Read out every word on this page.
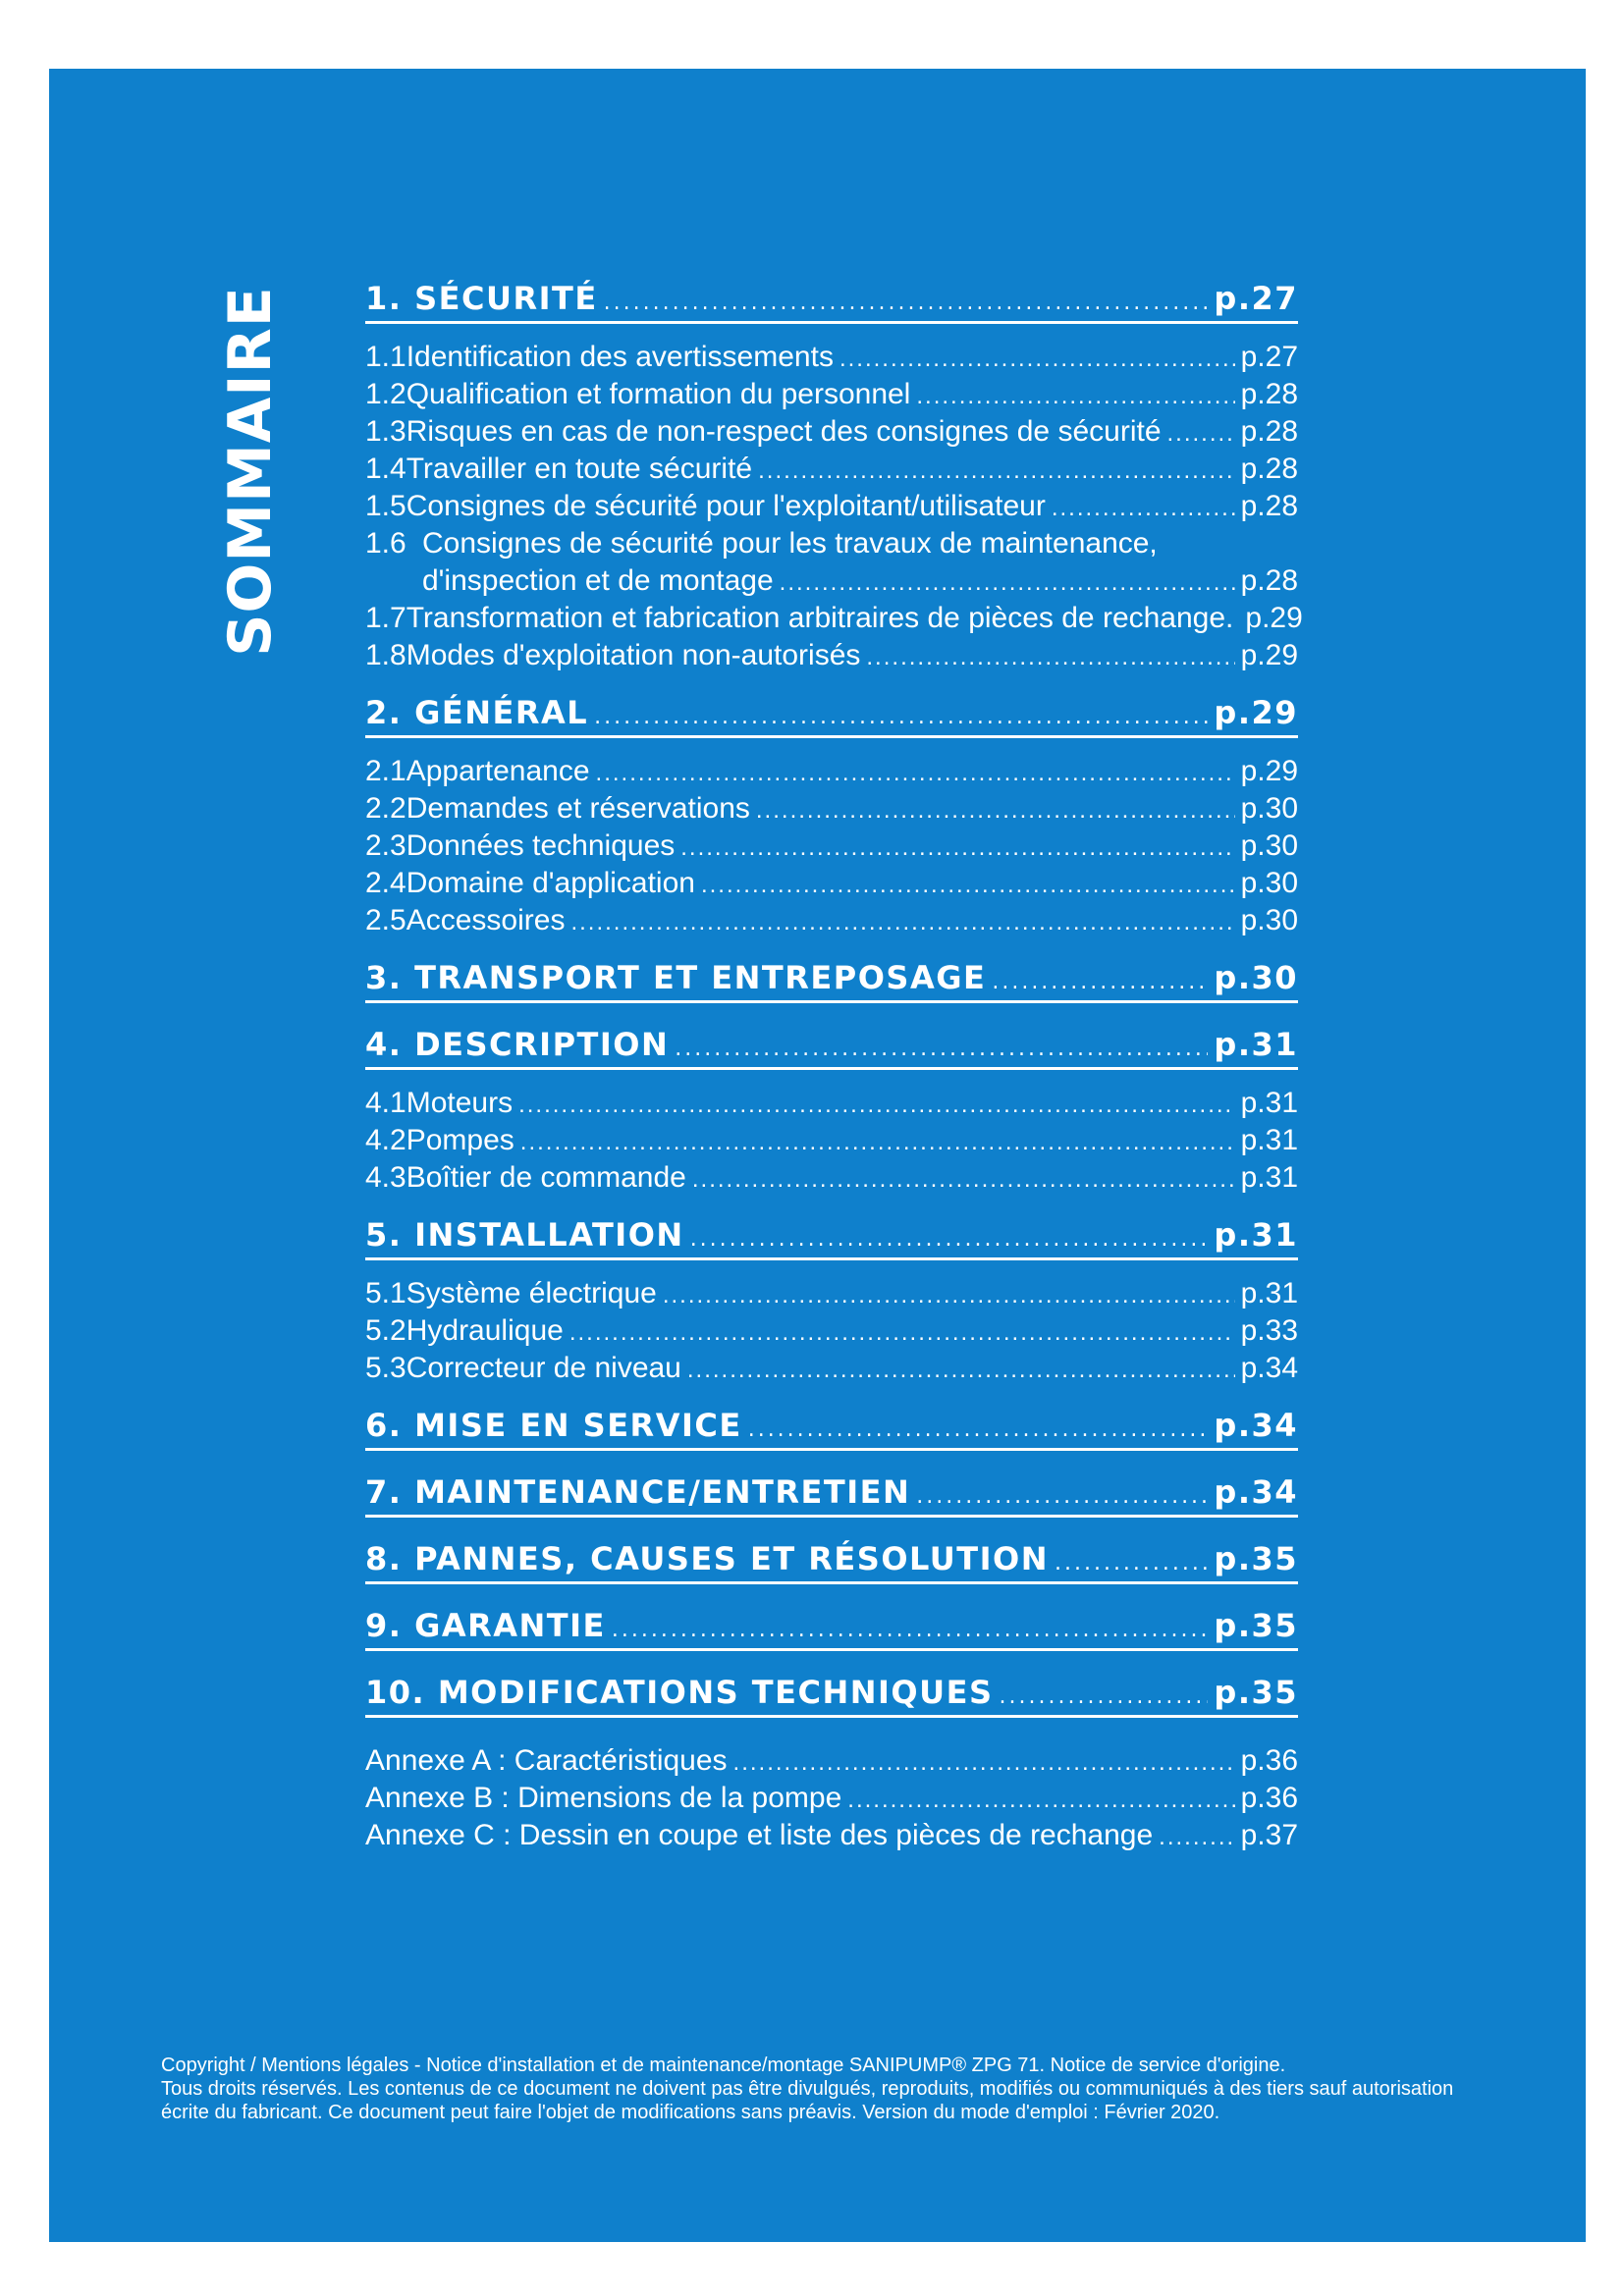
SOMMAIRE	1. SÉCURITÉ .....	p.27
1.1 Identification des avertissements .....	p.27
1.2 Qualification et formation du personnel .....	p.28
1.3 Risques en cas de non-respect des consignes de sécurité .....	p.28
1.4 Travailler en toute sécurité .....	p.28
1.5 Consignes de sécurité pour l'exploitant/utilisateur .....	p.28
1.6 Consignes de sécurité pour les travaux de maintenance,
d'inspection et de montage .....	p.28
1.7 Transformation et fabrication arbitraires de pièces de rechange. p.29
1.8 Modes d'exploitation non-autorisés .....	p.29
2. GÉNÉRAL .....	p.29
2.1 Appartenance .....	p.29
2.2 Demandes et réservations .....	p.30
2.3 Données techniques .....	p.30
2.4 Domaine d'application .....	p.30
2.5 Accessoires .....	p.30
3. TRANSPORT ET ENTREPOSAGE .....	p.30
4. DESCRIPTION .....	p.31
4.1 Moteurs .....	p.31
4.2 Pompes .....	p.31
4.3 Boîtier de commande .....	p.31
5. INSTALLATION .....	p.31
5.1 Système électrique .....	p.31
5.2 Hydraulique .....	p.33
5.3 Correcteur de niveau .....	p.34
6. MISE EN SERVICE .....	p.34
7. MAINTENANCE/ENTRETIEN .....	p.34
8. PANNES, CAUSES ET RÉSOLUTION .....	p.35
9. GARANTIE .....	p.35
10. MODIFICATIONS TECHNIQUES .....	p.35
Annexe A : Caractéristiques .....	p.36
Annexe B : Dimensions de la pompe .....	p.36
Annexe C : Dessin en coupe et liste des pièces de rechange .....	p.37

Copyright / Mentions légales - Notice d'installation et de maintenance/montage SANIPUMP® ZPG 71. Notice de service d'origine.

Tous droits réservés. Les contenus de ce document ne doivent pas être divulgués, reproduits, modifiés ou communiqués à des tiers sauf autorisation

écrite du fabricant. Ce document peut faire l'objet de modifications sans préavis. Version du mode d'emploi : Février 2020.
